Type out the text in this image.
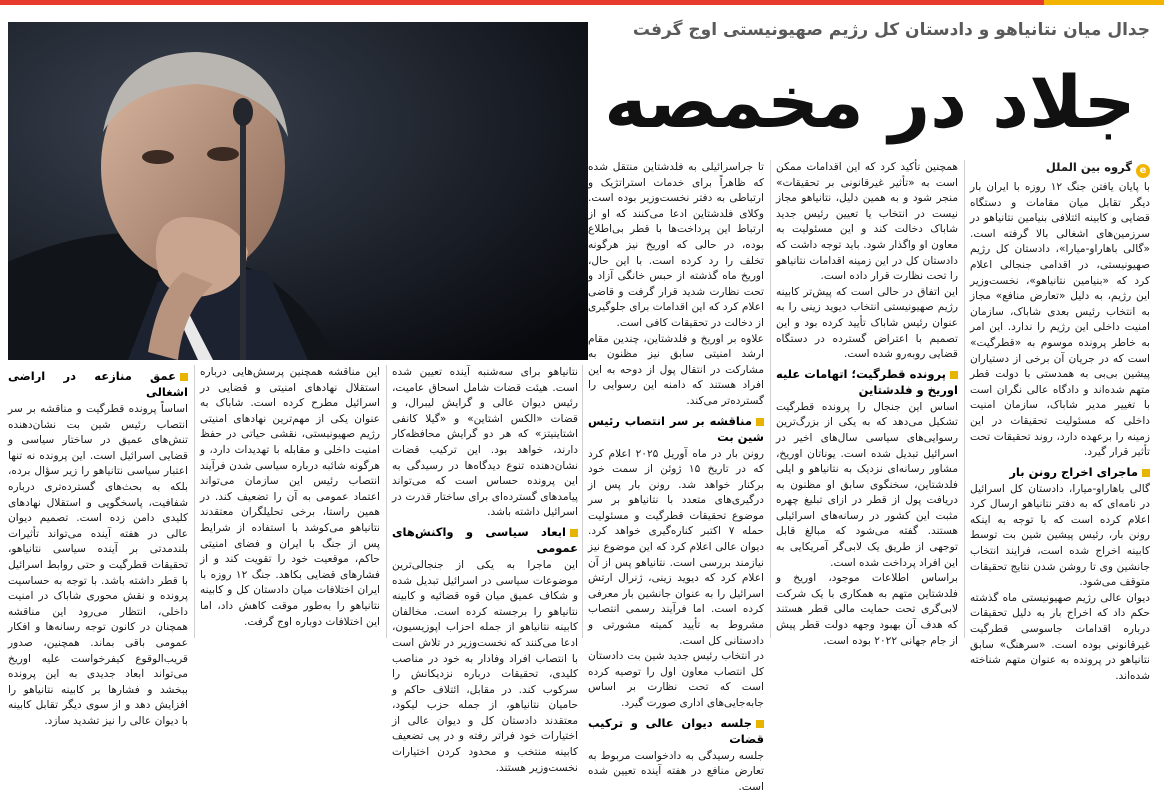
جدال میان نتانیاهو و دادستان کل رژیم صهیونیستی اوج گرفت
جلاد در مخمصه
eگروه بین الملل

با پایان یافتن جنگ ۱۲ روزه با ایران بار دیگر تقابل میان مقامات و دستگاه قضایی و کابینه ائتلافی بنیامین نتانیاهو در سرزمین‌های اشغالی بالا گرفته است. «گالی باهاراو-میارا»، دادستان کل رژیم صهیونیستی، در اقدامی جنجالی اعلام کرد که «بنیامین نتانیاهو»، نخست‌وزیر این رژیم، به دلیل «تعارض منافع» مجاز به انتخاب رئیس بعدی شاباک، سازمان امنیت داخلی این رژیم را ندارد. این امر به خاطر پرونده موسوم به «قطرگیت» است که در جریان آن برخی از دستیاران پیشین بی‌بی به همدستی با دولت قطر متهم شده‌اند و دادگاه عالی نگران است با تغییر مدیر شاباک، سازمان امنیت داخلی که مسئولیت تحقیقات در این زمینه را برعهده دارد، روند تحقیقات تحت تأثیر قرار گیرد.

ماجرای اخراج رونن بار

گالی باهاراو-میارا، دادستان کل اسرائیل در نامه‌ای که به دفتر نتانیاهو ارسال کرد اعلام کرده است که با توجه به اینکه رونن بار، رئیس پیشین شین بت توسط کابینه اخراج شده است، فرایند انتخاب جانشین وی تا روشن شدن نتایج تحقیقات متوقف می‌شود.

دیوان عالی رژیم صهیونیستی ماه گذشته حکم داد که اخراج بار به دلیل تحقیقات درباره اقدامات جاسوسی قطرگیت غیرقانونی بوده است. «سرهنگ» سابق نتانیاهو در پرونده به عنوان متهم شناخته شده‌اند.

همچنین تأکید کرد که این اقدامات ممکن است به «تأثیر غیرقانونی بر تحقیقات» منجر شود و به همین دلیل، نتانیاهو مجاز نیست در انتخاب یا تعیین رئیس جدید شاباک دخالت کند و این مسئولیت به معاون او واگذار شود. باید توجه داشت که دادستان کل در این زمینه اقدامات نتانیاهو را تحت نظارت قرار داده است.

این اتفاق در حالی است که پیش‌تر کابینه رژیم صهیونیستی انتخاب دیوید زینی را به عنوان رئیس شاباک تأیید کرده بود و این تصمیم با اعتراض گسترده در دستگاه قضایی روبه‌رو شده است.

پرونده قطرگیت؛ اتهامات علیه اوریخ و فلدشتاین

اساس این جنجال را پرونده قطرگیت تشکیل می‌دهد که به یکی از بزرگ‌ترین رسوایی‌های سیاسی سال‌های اخیر در اسرائیل تبدیل شده است. یوناتان اوریخ، مشاور رسانه‌ای نزدیک به نتانیاهو و ایلی فلدشتاین، سخنگوی سابق او مظنون به دریافت پول از قطر در ازای تبلیغ چهره مثبت این کشور در رسانه‌های اسرائیلی هستند. گفته می‌شود که مبالغ قابل توجهی از طریق یک لابی‌گر آمریکایی به این افراد پرداخت شده است.

براساس اطلاعات موجود، اوریخ و فلدشتاین متهم به همکاری با یک شرکت لابی‌گری تحت حمایت مالی قطر هستند که هدف آن بهبود وجهه دولت قطر پیش از جام جهانی ۲۰۲۲ بوده است.

تا جراسرائیلی به فلدشتاین منتقل شده که ظاهراً برای خدمات استراتژیک و ارتباطی به دفتر نخست‌وزیر بوده است. وکلای فلدشتاین ادعا می‌کنند که او از ارتباط این پرداخت‌ها با قطر بی‌اطلاع بوده، در حالی که اوریخ نیز هرگونه تخلف را رد کرده است. با این حال، اوریخ ماه گذشته از حبس خانگی آزاد و تحت نظارت شدید قرار گرفت و قاضی اعلام کرد که این اقدامات برای جلوگیری از دخالت در تحقیقات کافی است.

علاوه بر اوریخ و فلدشتاین، چندین مقام ارشد امنیتی سابق نیز مظنون به مشارکت در انتقال پول از دوحه به این افراد هستند که دامنه این رسوایی را گسترده‌تر می‌کند.

مناقشه بر سر انتصاب رئیس شین بت

رونن بار در ماه آوریل ۲۰۲۵ اعلام کرد که در تاریخ ۱۵ ژوئن از سمت خود برکنار خواهد شد. رونن بار پس از درگیری‌های متعدد با نتانیاهو بر سر موضوع تحقیقات قطرگیت و مسئولیت حمله ۷ اکتبر کناره‌گیری خواهد کرد. دیوان عالی اعلام کرد که این موضوع نیز نیازمند بررسی است. نتانیاهو پس از آن اعلام کرد که دیوید زینی، ژنرال ارتش اسرائیل را به عنوان جانشین بار معرفی کرده است. اما فرآیند رسمی انتصاب مشروط به تأیید کمیته مشورتی و دادستانی کل است.

در انتخاب رئیس جدید شین بت دادستان کل انتصاب معاون اول را توصیه کرده است که تحت نظارت بر اساس جابه‌جایی‌های اداری صورت گیرد.

جلسه دیوان عالی و ترکیب قضات

جلسه رسیدگی به دادخواست مربوط به تعارض منافع در هفته آینده تعیین شده است.

نتانیاهو برای سه‌شنبه آینده تعیین شده است. هیئت قضات شامل اسحاق عامیت، رئیس دیوان عالی و گرایش لیبرال، و قضات «الکس اشتاین» و «گیلا کانفی اشتاینیتز» که هر دو گرایش محافظه‌کار دارند، خواهد بود. این ترکیب قضات نشان‌دهنده تنوع دیدگاه‌ها در رسیدگی به این پرونده حساس است که می‌تواند پیامدهای گسترده‌ای برای ساختار قدرت در اسرائیل داشته باشد.

ابعاد سیاسی و واکنش‌های عمومی

این ماجرا به یکی از جنجالی‌ترین موضوعات سیاسی در اسرائیل تبدیل شده و شکاف عمیق میان قوه قضائیه و کابینه نتانیاهو را برجسته کرده است. مخالفان کابینه نتانیاهو از جمله احزاب اپوزیسیون، ادعا می‌کنند که نخست‌وزیر در تلاش است با انتصاب افراد وفادار به خود در مناصب کلیدی، تحقیقات درباره نزدیکانش را سرکوب کند. در مقابل، ائتلاف حاکم و حامیان نتانیاهو، از جمله حزب لیکود، معتقدند دادستان کل و دیوان عالی از اختیارات خود فراتر رفته و در پی تضعیف کابینه منتخب و محدود کردن اختیارات نخست‌وزیر هستند.

این مناقشه همچنین پرسش‌هایی درباره استقلال نهادهای امنیتی و قضایی در اسرائیل مطرح کرده است. شاباک به عنوان یکی از مهم‌ترین نهادهای امنیتی رژیم صهیونیستی، نقشی حیاتی در حفظ امنیت داخلی و مقابله با تهدیدات دارد، و هرگونه شائبه درباره سیاسی شدن فرآیند انتصاب رئیس این سازمان می‌تواند اعتماد عمومی به آن را تضعیف کند. در همین راستا، برخی تحلیلگران معتقدند نتانیاهو می‌کوشد با استفاده از شرایط پس از جنگ با ایران و فضای امنیتی حاکم، موقعیت خود را تقویت کند و از فشارهای قضایی بکاهد. جنگ ۱۲ روزه با ایران اختلافات میان دادستان کل و کابینه نتانیاهو را به‌طور موقت کاهش داد، اما این اختلافات دوباره اوج گرفت.

عمق منازعه در اراضی اشغالی

اساساً پرونده قطرگیت و مناقشه بر سر انتصاب رئیس شین بت نشان‌دهنده تنش‌های عمیق در ساختار سیاسی و قضایی اسرائیل است. این پرونده نه تنها اعتبار سیاسی نتانیاهو را زیر سؤال برده، بلکه به بحث‌های گسترده‌تری درباره شفافیت، پاسخگویی و استقلال نهادهای کلیدی دامن زده است. تصمیم دیوان عالی در هفته آینده می‌تواند تأثیرات بلندمدتی بر آینده سیاسی نتانیاهو، تحقیقات قطرگیت و حتی روابط اسرائیل با قطر داشته باشد. با توجه به حساسیت پرونده و نقش محوری شاباک در امنیت داخلی، انتظار می‌رود این مناقشه همچنان در کانون توجه رسانه‌ها و افکار عمومی باقی بماند. همچنین، صدور قریب‌الوقوع کیفرخواست علیه اوریخ می‌تواند ابعاد جدیدی به این پرونده ببخشد و فشارها بر کابینه نتانیاهو را افزایش دهد و از سوی دیگر تقابل کابینه با دیوان عالی را نیز تشدید سازد.
